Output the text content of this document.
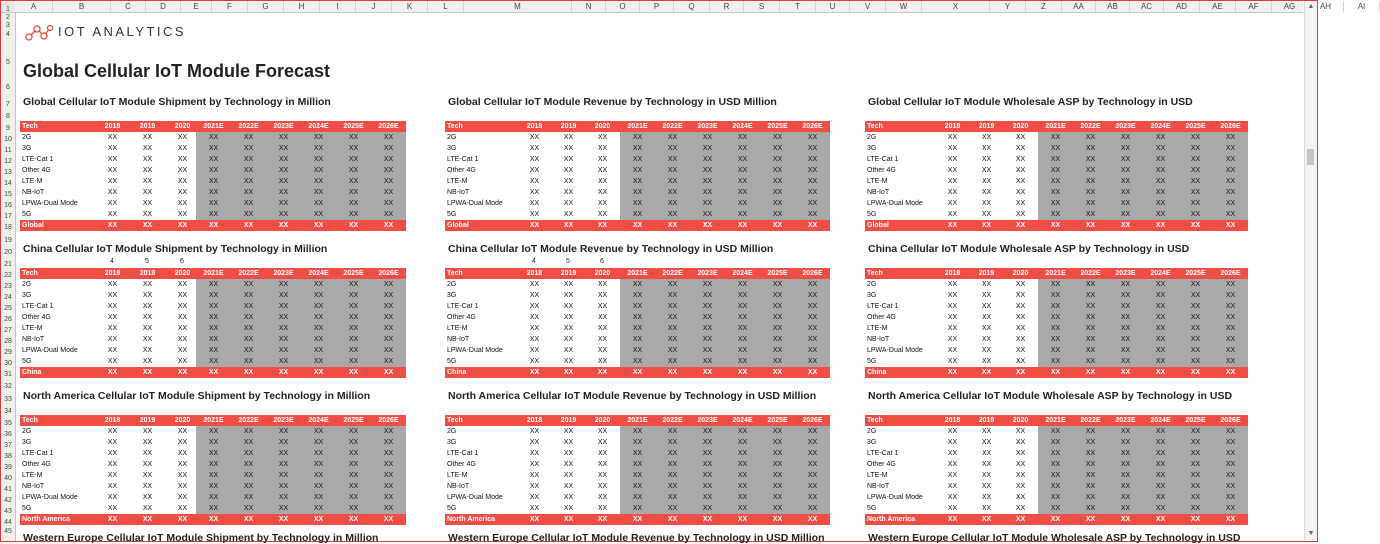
A	B	C	D	E	F	G	H	I	J	K	L	M	N	O	P	Q	R	S	T	U	V	W	X	Y	Z	AA	AB	AC	AD	AE	AF	AG	AH	AI
1
2
3
4
5
6
7
8
9
10
11
12
13
14
15
16
17
18
19
20
21
22
23
24
25
26
27
28
29
30
31
32
33
34
35
36
37
38
39
40
41
42
43
44
45
▲
▼
IOT ANALYTICS
Global Cellular IoT Module Forecast
Global Cellular IoT Module Shipment by Technology in Million
Tech	2018	2019	2020	2021E	2022E	2023E	2024E	2025E	2026E
2G	XX	XX	XX	XX	XX	XX	XX	XX	XX
3G	XX	XX	XX	XX	XX	XX	XX	XX	XX
LTE-Cat 1	XX	XX	XX	XX	XX	XX	XX	XX	XX
Other 4G	XX	XX	XX	XX	XX	XX	XX	XX	XX
LTE-M	XX	XX	XX	XX	XX	XX	XX	XX	XX
NB-IoT	XX	XX	XX	XX	XX	XX	XX	XX	XX
LPWA-Dual Mode	XX	XX	XX	XX	XX	XX	XX	XX	XX
5G	XX	XX	XX	XX	XX	XX	XX	XX	XX
Global	XX	XX	XX	XX	XX	XX	XX	XX	XX
Global Cellular IoT Module Revenue by Technology in USD Million
Tech	2018	2019	2020	2021E	2022E	2023E	2024E	2025E	2026E
2G	XX	XX	XX	XX	XX	XX	XX	XX	XX
3G	XX	XX	XX	XX	XX	XX	XX	XX	XX
LTE-Cat 1	XX	XX	XX	XX	XX	XX	XX	XX	XX
Other 4G	XX	XX	XX	XX	XX	XX	XX	XX	XX
LTE-M	XX	XX	XX	XX	XX	XX	XX	XX	XX
NB-IoT	XX	XX	XX	XX	XX	XX	XX	XX	XX
LPWA-Dual Mode	XX	XX	XX	XX	XX	XX	XX	XX	XX
5G	XX	XX	XX	XX	XX	XX	XX	XX	XX
Global	XX	XX	XX	XX	XX	XX	XX	XX	XX
Global Cellular IoT Module Wholesale ASP by Technology in USD
Tech	2018	2019	2020	2021E	2022E	2023E	2024E	2025E	2026E
2G	XX	XX	XX	XX	XX	XX	XX	XX	XX
3G	XX	XX	XX	XX	XX	XX	XX	XX	XX
LTE-Cat 1	XX	XX	XX	XX	XX	XX	XX	XX	XX
Other 4G	XX	XX	XX	XX	XX	XX	XX	XX	XX
LTE-M	XX	XX	XX	XX	XX	XX	XX	XX	XX
NB-IoT	XX	XX	XX	XX	XX	XX	XX	XX	XX
LPWA-Dual Mode	XX	XX	XX	XX	XX	XX	XX	XX	XX
5G	XX	XX	XX	XX	XX	XX	XX	XX	XX
Global	XX	XX	XX	XX	XX	XX	XX	XX	XX
China Cellular IoT Module Shipment by Technology in Million
4	5	6
Tech	2018	2019	2020	2021E	2022E	2023E	2024E	2025E	2026E
2G	XX	XX	XX	XX	XX	XX	XX	XX	XX
3G	XX	XX	XX	XX	XX	XX	XX	XX	XX
LTE-Cat 1	XX	XX	XX	XX	XX	XX	XX	XX	XX
Other 4G	XX	XX	XX	XX	XX	XX	XX	XX	XX
LTE-M	XX	XX	XX	XX	XX	XX	XX	XX	XX
NB-IoT	XX	XX	XX	XX	XX	XX	XX	XX	XX
LPWA-Dual Mode	XX	XX	XX	XX	XX	XX	XX	XX	XX
5G	XX	XX	XX	XX	XX	XX	XX	XX	XX
China	XX	XX	XX	XX	XX	XX	XX	XX	XX
China Cellular IoT Module Revenue by Technology in USD Million
4	5	6
Tech	2018	2019	2020	2021E	2022E	2023E	2024E	2025E	2026E
2G	XX	XX	XX	XX	XX	XX	XX	XX	XX
3G	XX	XX	XX	XX	XX	XX	XX	XX	XX
LTE-Cat 1	XX	XX	XX	XX	XX	XX	XX	XX	XX
Other 4G	XX	XX	XX	XX	XX	XX	XX	XX	XX
LTE-M	XX	XX	XX	XX	XX	XX	XX	XX	XX
NB-IoT	XX	XX	XX	XX	XX	XX	XX	XX	XX
LPWA-Dual Mode	XX	XX	XX	XX	XX	XX	XX	XX	XX
5G	XX	XX	XX	XX	XX	XX	XX	XX	XX
China	XX	XX	XX	XX	XX	XX	XX	XX	XX
China Cellular IoT Module Wholesale ASP by Technology in USD
Tech	2018	2019	2020	2021E	2022E	2023E	2024E	2025E	2026E
2G	XX	XX	XX	XX	XX	XX	XX	XX	XX
3G	XX	XX	XX	XX	XX	XX	XX	XX	XX
LTE-Cat 1	XX	XX	XX	XX	XX	XX	XX	XX	XX
Other 4G	XX	XX	XX	XX	XX	XX	XX	XX	XX
LTE-M	XX	XX	XX	XX	XX	XX	XX	XX	XX
NB-IoT	XX	XX	XX	XX	XX	XX	XX	XX	XX
LPWA-Dual Mode	XX	XX	XX	XX	XX	XX	XX	XX	XX
5G	XX	XX	XX	XX	XX	XX	XX	XX	XX
China	XX	XX	XX	XX	XX	XX	XX	XX	XX
North America Cellular IoT Module Shipment by Technology in Million
Tech	2018	2019	2020	2021E	2022E	2023E	2024E	2025E	2026E
2G	XX	XX	XX	XX	XX	XX	XX	XX	XX
3G	XX	XX	XX	XX	XX	XX	XX	XX	XX
LTE-Cat 1	XX	XX	XX	XX	XX	XX	XX	XX	XX
Other 4G	XX	XX	XX	XX	XX	XX	XX	XX	XX
LTE-M	XX	XX	XX	XX	XX	XX	XX	XX	XX
NB-IoT	XX	XX	XX	XX	XX	XX	XX	XX	XX
LPWA-Dual Mode	XX	XX	XX	XX	XX	XX	XX	XX	XX
5G	XX	XX	XX	XX	XX	XX	XX	XX	XX
North America	XX	XX	XX	XX	XX	XX	XX	XX	XX
North America Cellular IoT Module Revenue by Technology in USD Million
Tech	2018	2019	2020	2021E	2022E	2023E	2024E	2025E	2026E
2G	XX	XX	XX	XX	XX	XX	XX	XX	XX
3G	XX	XX	XX	XX	XX	XX	XX	XX	XX
LTE-Cat 1	XX	XX	XX	XX	XX	XX	XX	XX	XX
Other 4G	XX	XX	XX	XX	XX	XX	XX	XX	XX
LTE-M	XX	XX	XX	XX	XX	XX	XX	XX	XX
NB-IoT	XX	XX	XX	XX	XX	XX	XX	XX	XX
LPWA-Dual Mode	XX	XX	XX	XX	XX	XX	XX	XX	XX
5G	XX	XX	XX	XX	XX	XX	XX	XX	XX
North America	XX	XX	XX	XX	XX	XX	XX	XX	XX
North America Cellular IoT Module Wholesale ASP by Technology in USD
Tech	2018	2019	2020	2021E	2022E	2023E	2024E	2025E	2026E
2G	XX	XX	XX	XX	XX	XX	XX	XX	XX
3G	XX	XX	XX	XX	XX	XX	XX	XX	XX
LTE-Cat 1	XX	XX	XX	XX	XX	XX	XX	XX	XX
Other 4G	XX	XX	XX	XX	XX	XX	XX	XX	XX
LTE-M	XX	XX	XX	XX	XX	XX	XX	XX	XX
NB-IoT	XX	XX	XX	XX	XX	XX	XX	XX	XX
LPWA-Dual Mode	XX	XX	XX	XX	XX	XX	XX	XX	XX
5G	XX	XX	XX	XX	XX	XX	XX	XX	XX
North America	XX	XX	XX	XX	XX	XX	XX	XX	XX
Western Europe Cellular IoT Module Shipment by Technology in Million	Western Europe Cellular IoT Module Revenue by Technology in USD Million	Western Europe Cellular IoT Module Wholesale ASP by Technology in USD
